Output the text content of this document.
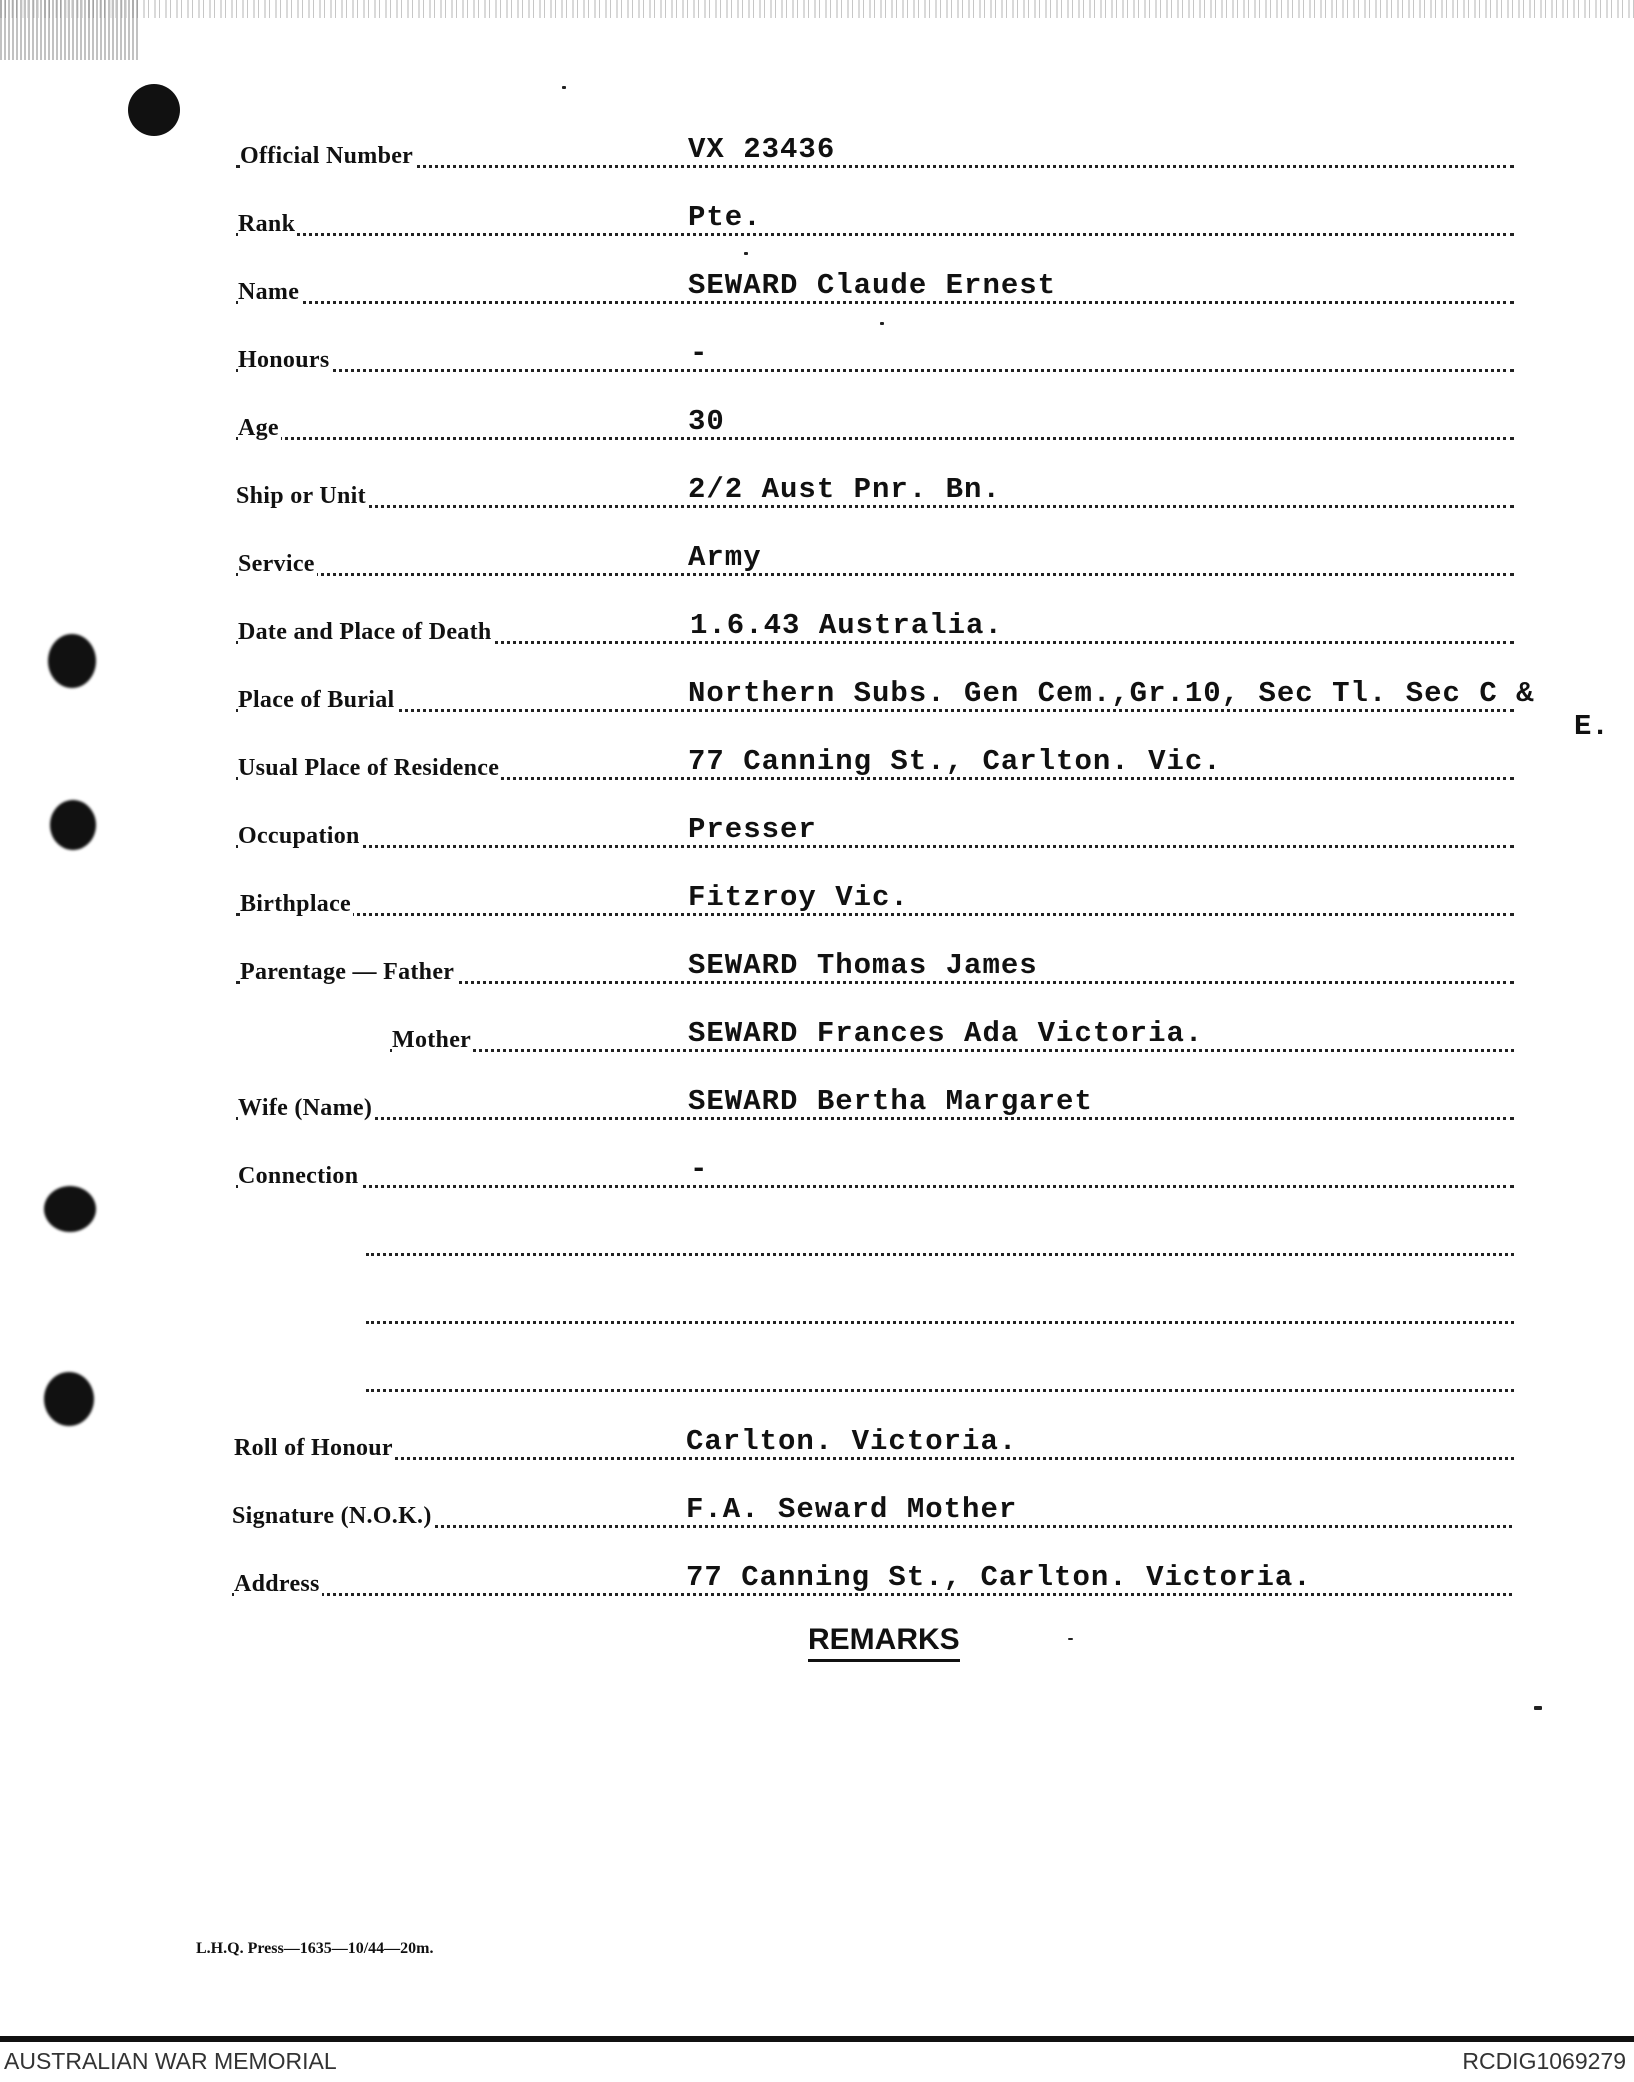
Official Number	VX 23436
Rank	Pte.
Name	SEWARD Claude Ernest
Honours	-
Age	30
Ship or Unit	2/2 Aust Pnr. Bn.
Service	Army
Date and Place of Death	1.6.43 Australia.
Place of Burial	Northern Subs. Gen Cem.,Gr.10, Sec Tl. Sec C &
E.
Usual Place of Residence	77 Canning St., Carlton. Vic.
Occupation	Presser
Birthplace	Fitzroy Vic.
Parentage — Father	SEWARD Thomas James
Mother	SEWARD Frances Ada Victoria.
Wife (Name)	SEWARD Bertha Margaret
Connection	-
Roll of Honour	Carlton. Victoria.
Signature (N.O.K.)	F.A. Seward Mother
Address	77 Canning St., Carlton. Victoria.
REMARKS
L.H.Q. Press—1635—10/44—20m.
AUSTRALIAN WAR MEMORIAL	RCDIG1069279
